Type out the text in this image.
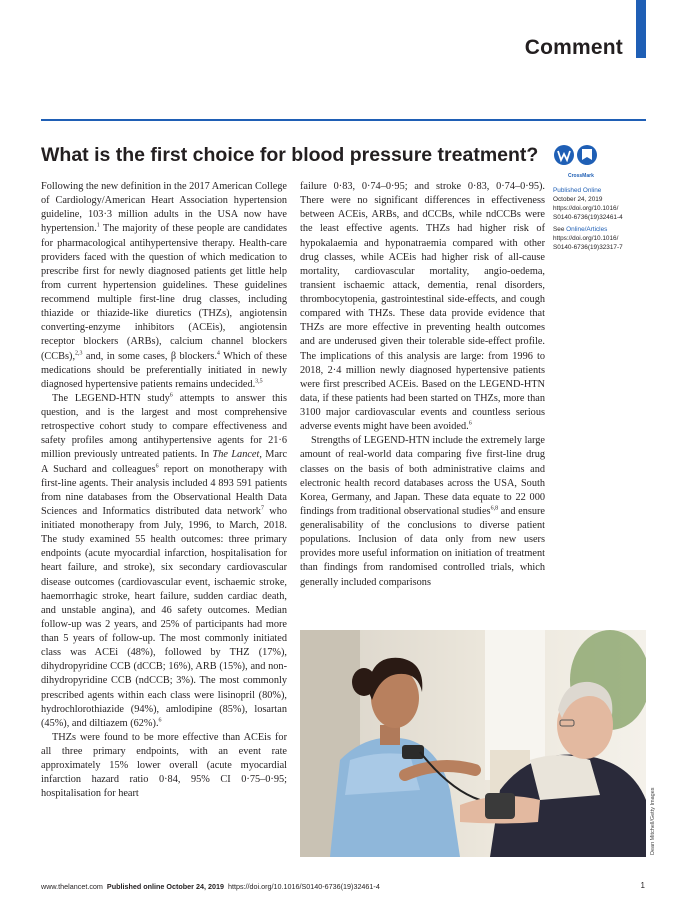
Comment
What is the first choice for blood pressure treatment?
CrossMark

Published Online

October 24, 2019

https://doi.org/10.1016/

S0140-6736(19)32461-4

See Online/Articles

https://doi.org/10.1016/

S0140-6736(19)32317-7

Following the new definition in the 2017 American College of Cardiology/American Heart Association hypertension guideline, 103·3 million adults in the USA now have hypertension.$^1$ The majority of these people are candidates for pharmacological antihypertensive therapy. Health-care providers faced with the question of which medication to prescribe first for newly diagnosed patients get little help from current hypertension guidelines. These guidelines recommend multiple first-line drug classes, including thiazide or thiazide-like diuretics (THZs), angiotensin converting-enzyme inhibitors (ACEis), angiotensin receptor blockers (ARBs), calcium channel blockers (CCBs),$^{2,3}$ and, in some cases, β blockers.$^4$ Which of these medications should be preferentially initiated in newly diagnosed hypertensive patients remains undecided.$^{3,5}$

The LEGEND-HTN study$^6$ attempts to answer this question, and is the largest and most comprehensive retrospective cohort study to compare effectiveness and safety profiles among antihypertensive agents for 21·6 million previously untreated patients. In The Lancet, Marc A Suchard and colleagues$^6$ report on monotherapy with first-line agents. Their analysis included 4 893 591 patients from nine databases from the Observational Health Data Sciences and Informatics distributed data network$^7$ who initiated monotherapy from July, 1996, to March, 2018. The study examined 55 health outcomes: three primary endpoints (acute myocardial infarction, hospitalisation for heart failure, and stroke), six secondary cardiovascular disease outcomes (cardiovascular event, ischaemic stroke, haemorrhagic stroke, heart failure, sudden cardiac death, and unstable angina), and 46 safety outcomes. Median follow-up was 2 years, and 25% of participants had more than 5 years of follow-up. The most commonly initiated class was ACEi (48%), followed by THZ (17%), dihydropyridine CCB (dCCB; 16%), ARB (15%), and non-dihydropyridine CCB (ndCCB; 3%). The most commonly prescribed agents within each class were lisinopril (80%), hydrochlorothiazide (94%), amlodipine (85%), losartan (45%), and diltiazem (62%).$^6$

THZs were found to be more effective than ACEis for all three primary endpoints, with an event rate approximately 15% lower overall (acute myocardial infarction hazard ratio 0·84, 95% CI 0·75–0·95; hospitalisation for heart

failure 0·83, 0·74–0·95; and stroke 0·83, 0·74–0·95). There were no significant differences in effectiveness between ACEis, ARBs, and dCCBs, while ndCCBs were the least effective agents. THZs had higher risk of hypokalaemia and hyponatraemia compared with other drug classes, while ACEis had higher risk of all-cause mortality, cardiovascular mortality, angio-oedema, transient ischaemic attack, dementia, renal disorders, thrombocytopenia, gastrointestinal side-effects, and cough compared with THZs. These data provide evidence that THZs are more effective in preventing health outcomes and are underused given their tolerable side-effect profile. The implications of this analysis are large: from 1996 to 2018, 2·4 million newly diagnosed hypertensive patients were first prescribed ACEis. Based on the LEGEND-HTN data, if these patients had been started on THZs, more than 3100 major cardiovascular events and countless serious adverse events might have been avoided.$^6$

Strengths of LEGEND-HTN include the extremely large amount of real-world data comparing five first-line drug classes on the basis of both administrative claims and electronic health record databases across the USA, South Korea, Germany, and Japan. These data equate to 22 000 findings from traditional observational studies$^{6,8}$ and ensure generalisability of the conclusions to diverse patient populations. Inclusion of data only from new users provides more useful information on initiation of treatment than findings from randomised controlled trials, which generally included comparisons

Dean Mitchell/Getty Images
www.thelancet.com Published online October 24, 2019 https://doi.org/10.1016/S0140-6736(19)32461-4	1
